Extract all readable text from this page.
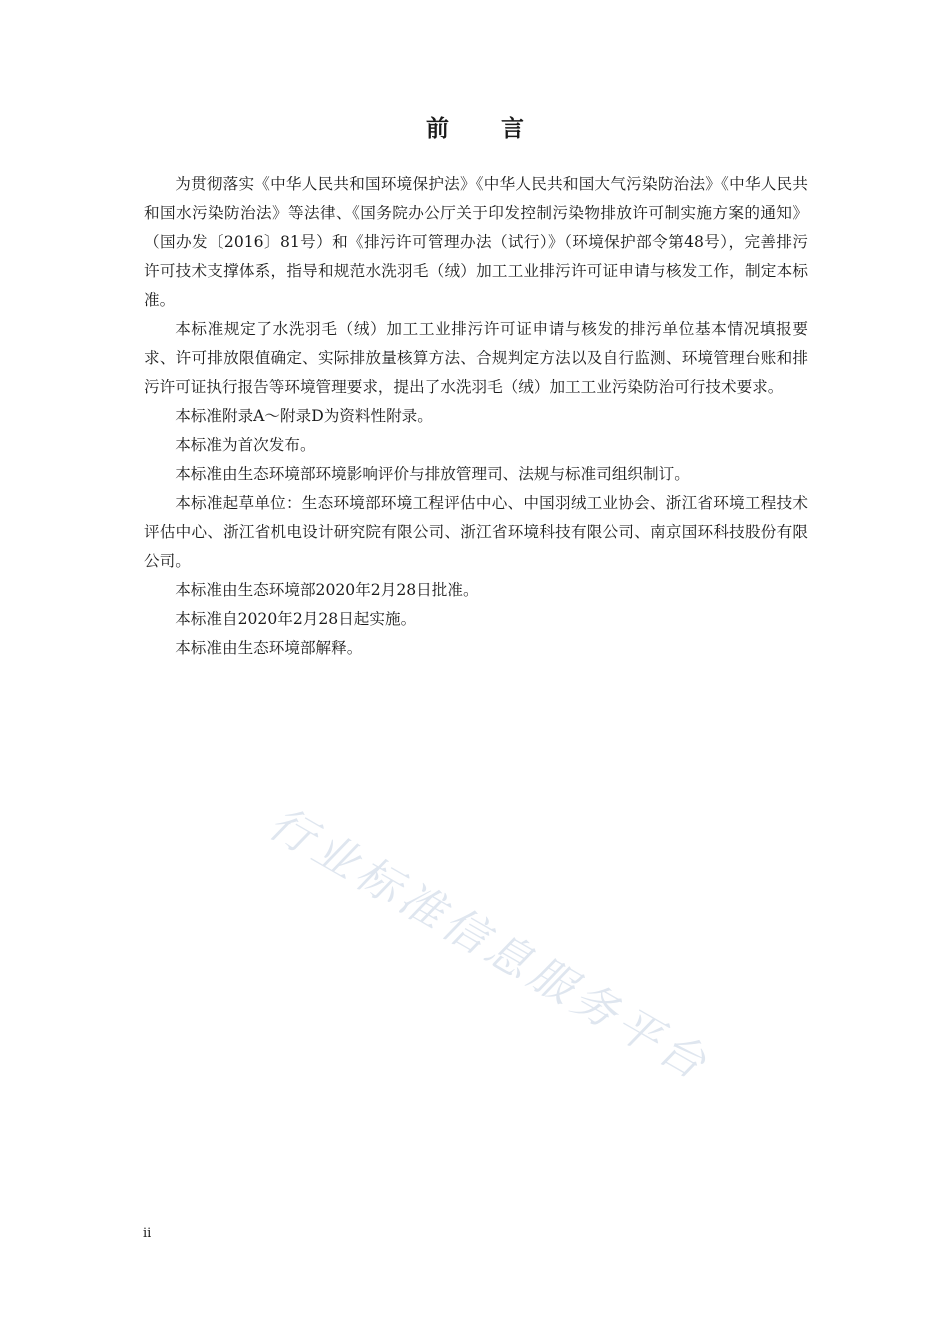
前 言

为贯彻落实《中华人民共和国环境保护法》《中华人民共和国大气污染防治法》《中华人民共和国水污染防治法》等法律、《国务院办公厅关于印发控制污染物排放许可制实施方案的通知》（国办发〔2016〕81号）和《排污许可管理办法（试行）》（环境保护部令第48号），完善排污许可技术支撑体系，指导和规范水洗羽毛（绒）加工工业排污许可证申请与核发工作，制定本标准。

本标准规定了水洗羽毛（绒）加工工业排污许可证申请与核发的排污单位基本情况填报要求、许可排放限值确定、实际排放量核算方法、合规判定方法以及自行监测、环境管理台账和排污许可证执行报告等环境管理要求，提出了水洗羽毛（绒）加工工业污染防治可行技术要求。

本标准附录A～附录D为资料性附录。

本标准为首次发布。

本标准由生态环境部环境影响评价与排放管理司、法规与标准司组织制订。

本标准起草单位：生态环境部环境工程评估中心、中国羽绒工业协会、浙江省环境工程技术评估中心、浙江省机电设计研究院有限公司、浙江省环境科技有限公司、南京国环科技股份有限公司。

本标准由生态环境部2020年2月28日批准。

本标准自2020年2月28日起实施。

本标准由生态环境部解释。

行业标准信息服务平台
ii
